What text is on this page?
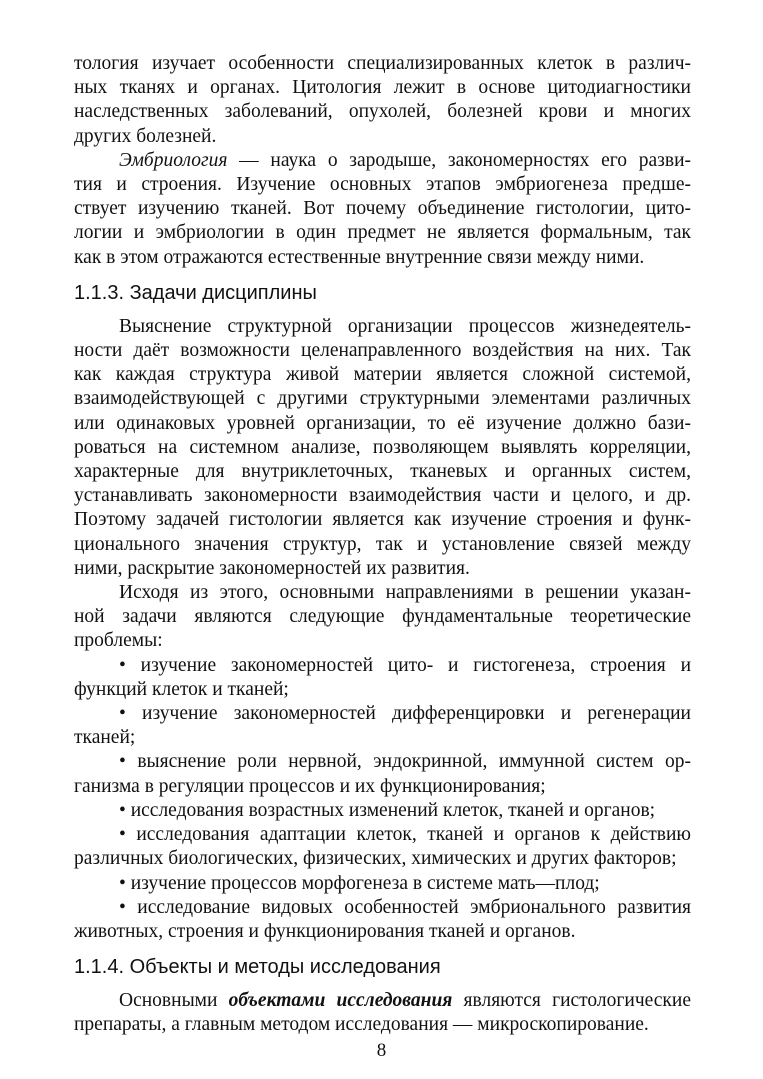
тология изучает особенности специализированных клеток в различ-

ных тканях и органах. Цитология лежит в основе цитодиагностики

наследственных заболеваний, опухолей, болезней крови и многих

других болезней.

Эмбриология — наука о зародыше, закономерностях его разви-

тия и строения. Изучение основных этапов эмбриогенеза предше-

ствует изучению тканей. Вот почему объединение гистологии, цито-

логии и эмбриологии в один предмет не является формальным, так

как в этом отражаются естественные внутренние связи между ними.

1.1.3. Задачи дисциплины

Выяснение структурной организации процессов жизнедеятель-

ности даёт возможности целенаправленного воздействия на них. Так

как каждая структура живой материи является сложной системой,

взаимодействующей с другими структурными элементами различных

или одинаковых уровней организации, то её изучение должно бази-

роваться на системном анализе, позволяющем выявлять корреляции,

характерные для внутриклеточных, тканевых и органных систем,

устанавливать закономерности взаимодействия части и целого, и др.

Поэтому задачей гистологии является как изучение строения и функ-

ционального значения структур, так и установление связей между

ними, раскрытие закономерностей их развития.

Исходя из этого, основными направлениями в решении указан-

ной задачи являются следующие фундаментальные теоретические

проблемы:

• изучение закономерностей цито- и гистогенеза, строения и

функций клеток и тканей;

• изучение закономерностей дифференцировки и регенерации

тканей;

• выяснение роли нервной, эндокринной, иммунной систем ор-

ганизма в регуляции процессов и их функционирования;

• исследования возрастных изменений клеток, тканей и органов;

• исследования адаптации клеток, тканей и органов к действию

различных биологических, физических, химических и других факторов;

• изучение процессов морфогенеза в системе мать—плод;

• исследование видовых особенностей эмбрионального развития

животных, строения и функционирования тканей и органов.

1.1.4. Объекты и методы исследования

Основными объектами исследования являются гистологические

препараты, а главным методом исследования — микроскопирование.

8
